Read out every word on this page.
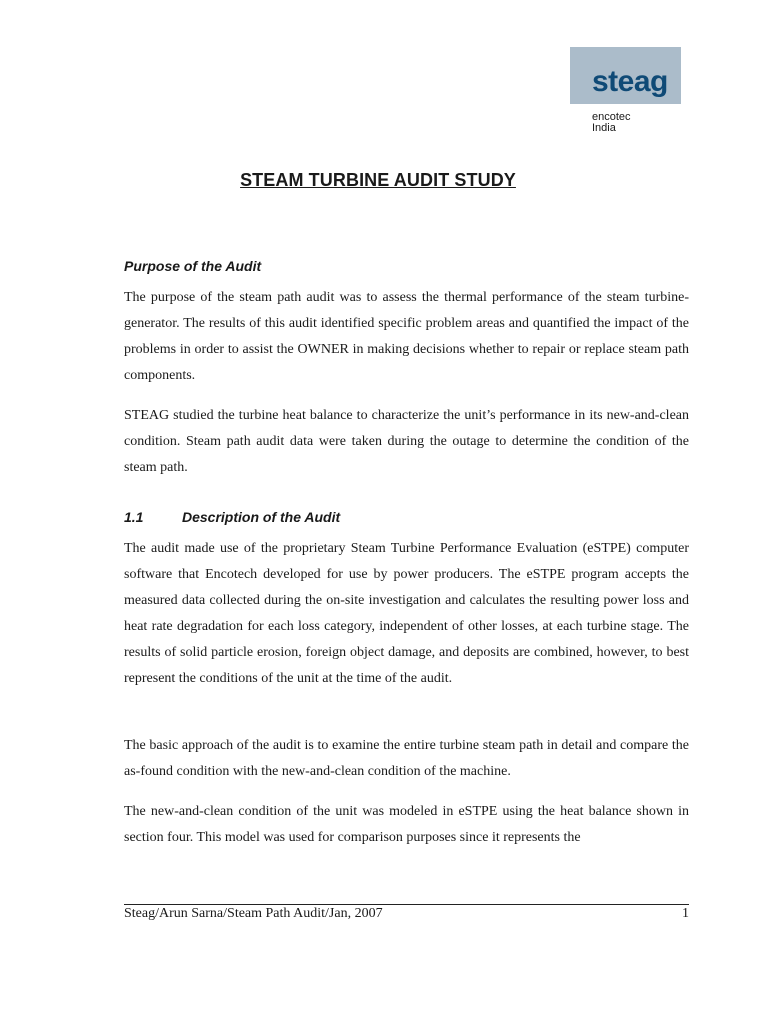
steag
encotec
India
STEAM TURBINE AUDIT STUDY
Purpose of the Audit
The purpose of the steam path audit was to assess the thermal performance of the steam turbine-generator. The results of this audit identified specific problem areas and quantified the impact of the problems in order to assist the OWNER in making decisions whether to repair or replace steam path components.
STEAG studied the turbine heat balance to characterize the unit’s performance in its new-and-clean condition. Steam path audit data were taken during the outage to determine the condition of the steam path.
1.1	Description of the Audit
The audit made use of the proprietary Steam Turbine Performance Evaluation (eSTPE) computer software that Encotech developed for use by power producers. The eSTPE program accepts the measured data collected during the on-site investigation and calculates the resulting power loss and heat rate degradation for each loss category, independent of other losses, at each turbine stage. The results of solid particle erosion, foreign object damage, and deposits are combined, however, to best represent the conditions of the unit at the time of the audit.
The basic approach of the audit is to examine the entire turbine steam path in detail and compare the as-found condition with the new-and-clean condition of the machine.
The new-and-clean condition of the unit was modeled in eSTPE using the heat balance shown in section four. This model was used for comparison purposes since it represents the
Steag/Arun Sarna/Steam Path Audit/Jan, 2007	1
